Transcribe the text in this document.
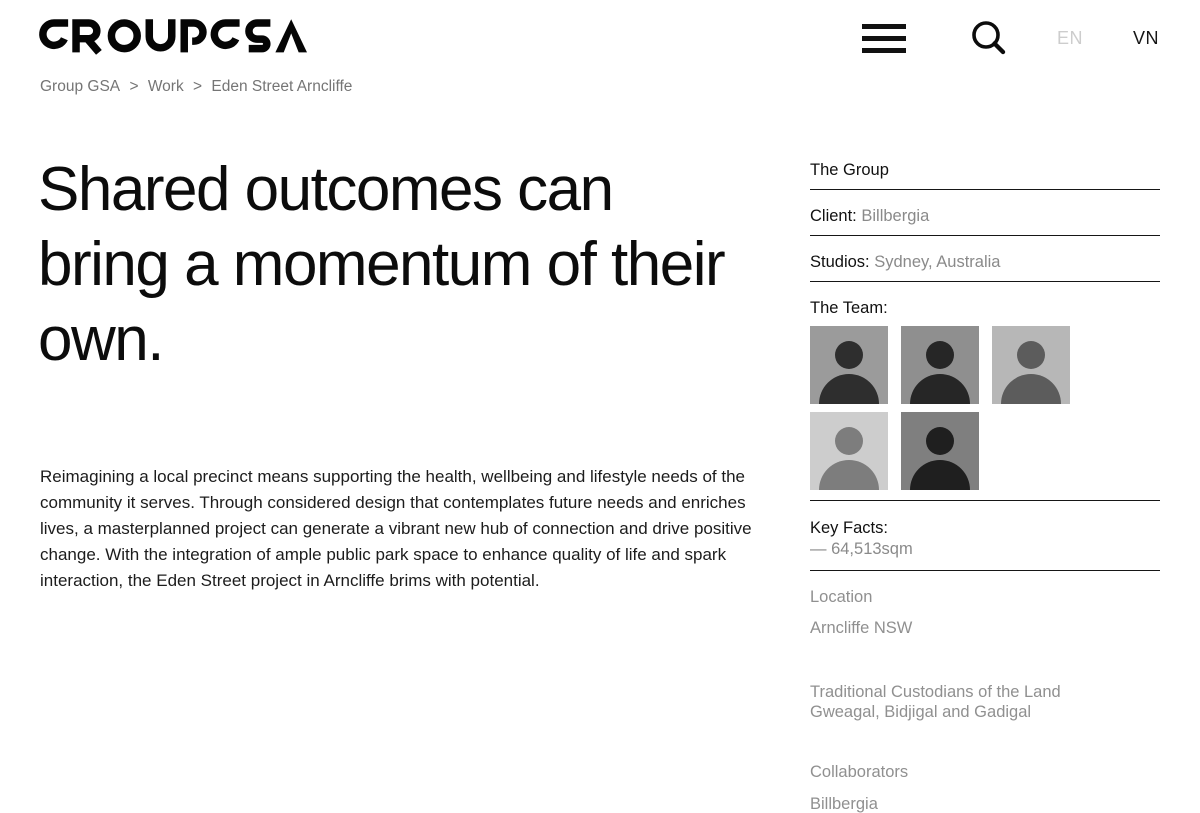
EN	VN
Group GSA > Work > Eden Street Arncliffe
Shared outcomes can bring a momentum of their own.

Reimagining a local precinct means supporting the health, wellbeing and lifestyle needs of the community it serves. Through considered design that contemplates future needs and enriches lives, a masterplanned project can generate a vibrant new hub of connection and drive positive change. With the integration of ample public park space to enhance quality of life and spark interaction, the Eden Street project in Arncliffe brims with potential.

The Group
Client: Billbergia
Studios: Sydney, Australia
The Team:
Key Facts:
— 64,513sqm
Location
Arncliffe NSW
Traditional Custodians of the Land
Gweagal, Bidjigal and Gadigal
Collaborators
Billbergia
